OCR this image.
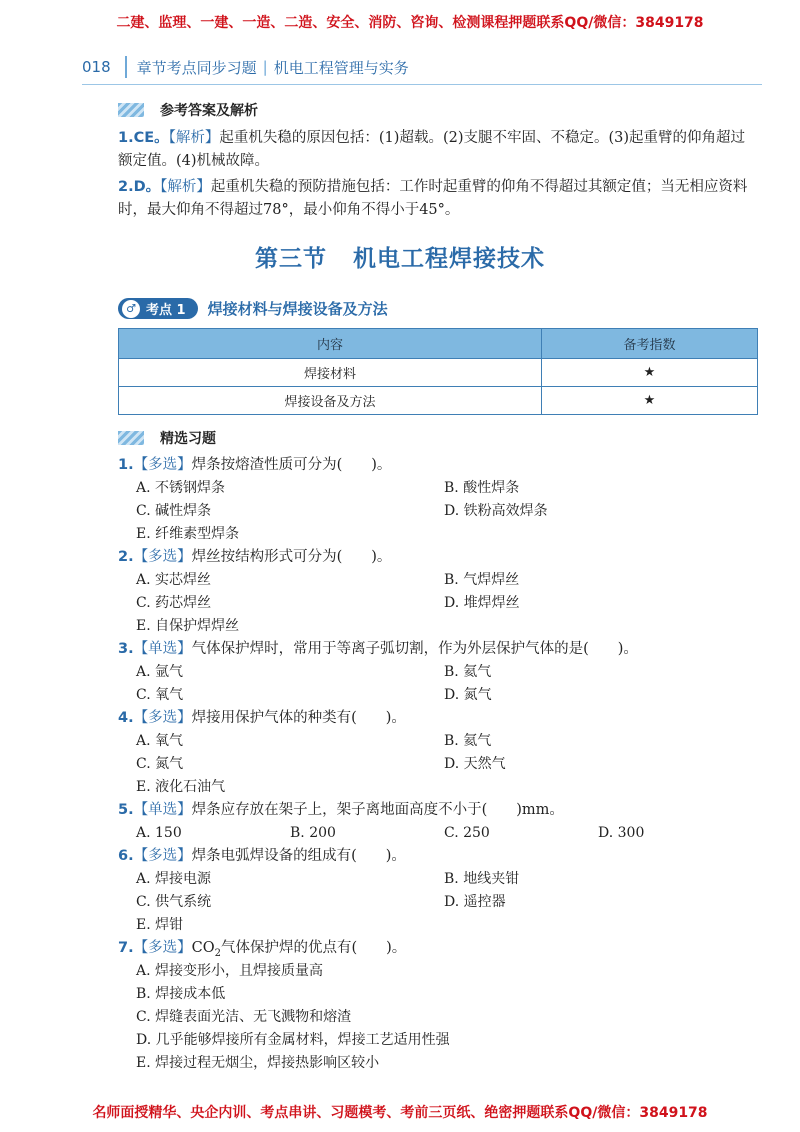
二建、监理、一建、一造、二造、安全、消防、咨询、检测课程押题联系QQ/微信：3849178
018 章节考点同步习题 | 机电工程管理与实务
参考答案及解析
1.CE。【解析】起重机失稳的原因包括：(1)超载。(2)支腿不牢固、不稳定。(3)起重臂的仰角超过额定值。(4)机械故障。
2.D。【解析】起重机失稳的预防措施包括：工作时起重臂的仰角不得超过其额定值；当无相应资料时，最大仰角不得超过78°，最小仰角不得小于45°。
第三节 机电工程焊接技术
♂ 考点 1 焊接材料与焊接设备及方法
内容	备考指数
焊接材料	★
焊接设备及方法	★
精选习题
1.【多选】焊条按熔渣性质可分为(　　)。
A. 不锈钢焊条	B. 酸性焊条
C. 碱性焊条	D. 铁粉高效焊条
E. 纤维素型焊条
2.【多选】焊丝按结构形式可分为(　　)。
A. 实芯焊丝	B. 气焊焊丝
C. 药芯焊丝	D. 堆焊焊丝
E. 自保护焊焊丝
3.【单选】气体保护焊时，常用于等离子弧切割，作为外层保护气体的是(　　)。
A. 氩气	B. 氦气
C. 氧气	D. 氮气
4.【多选】焊接用保护气体的种类有(　　)。
A. 氧气	B. 氦气
C. 氮气	D. 天然气
E. 液化石油气
5.【单选】焊条应存放在架子上，架子离地面高度不小于(　　)mm。
A. 150	B. 200	C. 250	D. 300
6.【多选】焊条电弧焊设备的组成有(　　)。
A. 焊接电源	B. 地线夹钳
C. 供气系统	D. 遥控器
E. 焊钳
7.【多选】$CO_2$气体保护焊的优点有(　　)。
A. 焊接变形小，且焊接质量高
B. 焊接成本低
C. 焊缝表面光洁、无飞溅物和熔渣
D. 几乎能够焊接所有金属材料，焊接工艺适用性强
E. 焊接过程无烟尘，焊接热影响区较小
名师面授精华、央企内训、考点串讲、习题模考、考前三页纸、绝密押题联系QQ/微信：3849178
